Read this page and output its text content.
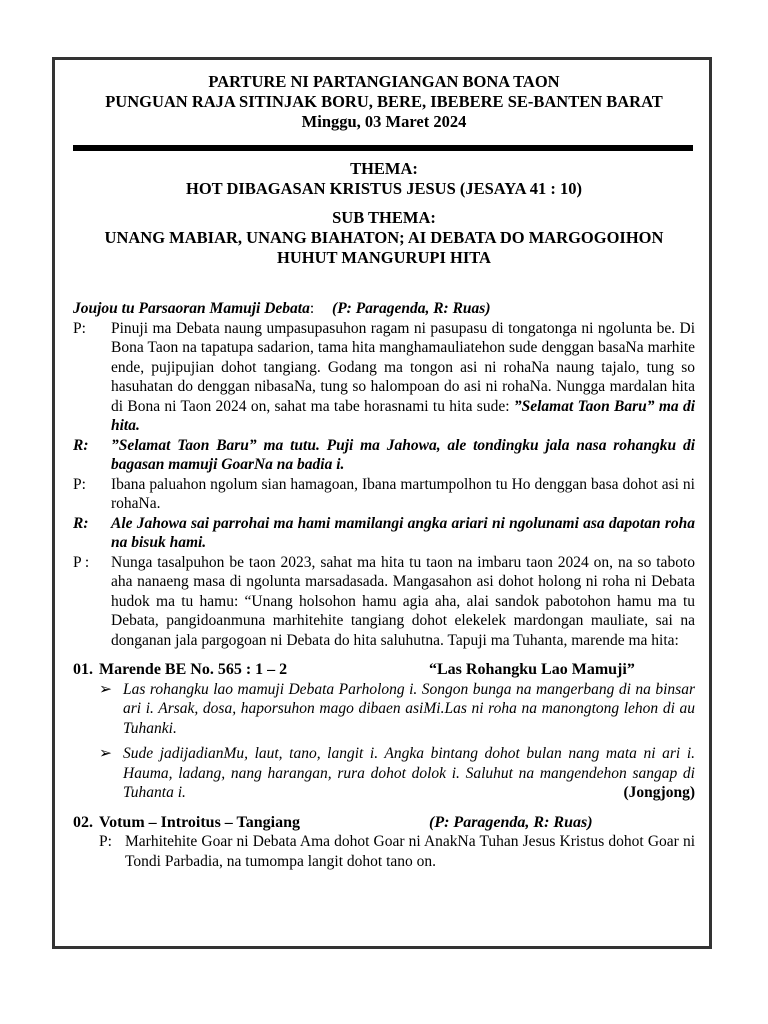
PARTURE NI PARTANGIANGAN BONA TAON
PUNGUAN RAJA SITINJAK BORU, BERE, IBEBERE SE-BANTEN BARAT
Minggu, 03 Maret 2024
THEMA:
HOT DIBAGASAN KRISTUS JESUS (JESAYA 41 : 10)
SUB THEMA:
UNANG MABIAR, UNANG BIAHATON; AI DEBATA DO MARGOGOIHON
HUHUT MANGURUPI HITA
Joujou tu Parsaoran Mamuji Debata: (P: Paragenda, R: Ruas)
P:	Pinuji ma Debata naung umpasupasuhon ragam ni pasupasu di tongatonga ni ngolunta be. Di Bona Taon na tapatupa sadarion, tama hita manghamauliatehon sude denggan basaNa marhite ende, pujipujian dohot tangiang. Godang ma tongon asi ni rohaNa naung tajalo, tung so hasuhatan do denggan nibasaNa, tung so halompoan do asi ni rohaNa. Nungga mardalan hita di Bona ni Taon 2024 on, sahat ma tabe horasnami tu hita sude: ”Selamat Taon Baru” ma di hita.
R:	”Selamat Taon Baru” ma tutu. Puji ma Jahowa, ale tondingku jala nasa rohangku di bagasan mamuji GoarNa na badia i.
P:	Ibana paluahon ngolum sian hamagoan, Ibana martumpolhon tu Ho denggan basa dohot asi ni rohaNa.
R:	Ale Jahowa sai parrohai ma hami mamilangi angka ariari ni ngolunami asa dapotan roha na bisuk hami.
P :	Nunga tasalpuhon be taon 2023, sahat ma hita tu taon na imbaru taon 2024 on, na so taboto aha nanaeng masa di ngolunta marsadasada. Mangasahon asi dohot holong ni roha ni Debata hudok ma tu hamu: “Unang holsohon hamu agia aha, alai sandok pabotohon hamu ma tu Debata, pangidoanmuna marhitehite tangiang dohot elekelek mardongan mauliate, sai na donganan jala pargogoan ni Debata do hita saluhutna. Tapuji ma Tuhanta, marende ma hita:
01. Marende BE No. 565 : 1 – 2	“Las Rohangku Lao Mamuji”
➢ Las rohangku lao mamuji Debata Parholong i. Songon bunga na mangerbang di na binsar ari i. Arsak, dosa, haporsuhon mago dibaen asiMi.Las ni roha na manongtong lehon di au Tuhanki.
➢ Sude jadijadianMu, laut, tano, langit i. Angka bintang dohot bulan nang mata ni ari i. Hauma, ladang, nang harangan, rura dohot dolok i. Saluhut na mangendehon sangap di Tuhanta i.	(Jongjong)
02. Votum – Introitus – Tangiang	(P: Paragenda, R: Ruas)
P: Marhitehite Goar ni Debata Ama dohot Goar ni AnakNa Tuhan Jesus Kristus dohot Goar ni Tondi Parbadia, na tumompa langit dohot tano on.
